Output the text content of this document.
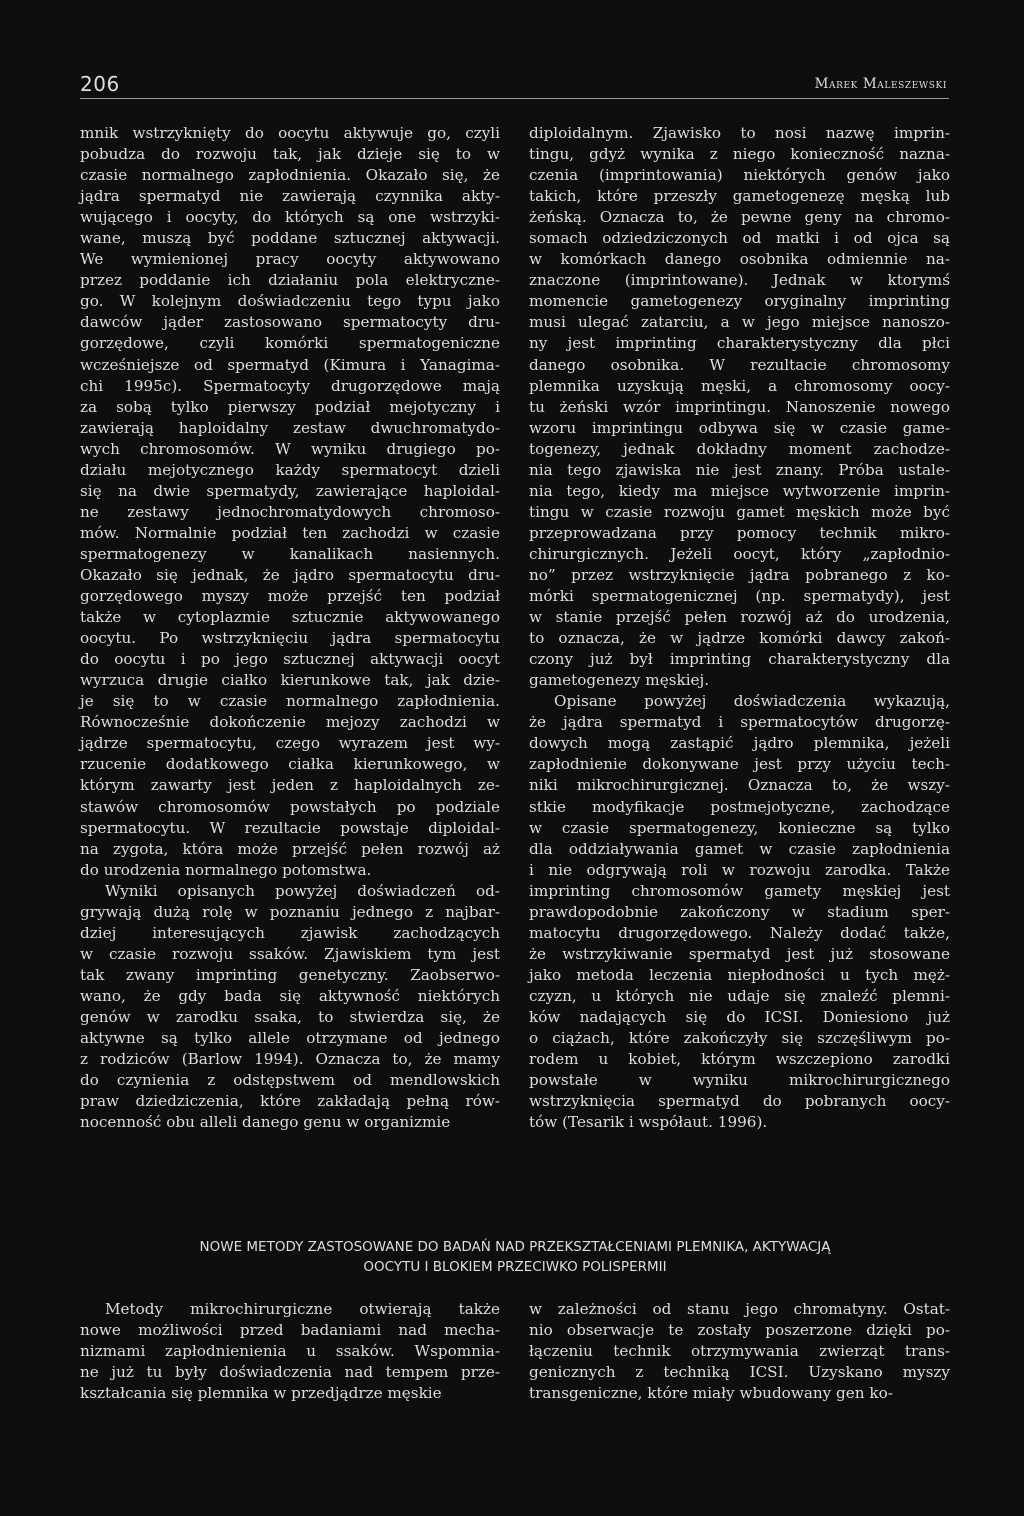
206	Marek Maleszewski

mnik wstrzyknięty do oocytu aktywuje go, czyli

pobudza do rozwoju tak, jak dzieje się to w

czasie normalnego zapłodnienia. Okazało się, że

jądra spermatyd nie zawierają czynnika akty-

wującego i oocyty, do których są one wstrzyki-

wane, muszą być poddane sztucznej aktywacji.

We wymienionej pracy oocyty aktywowano

przez poddanie ich działaniu pola elektryczne-

go. W kolejnym doświadczeniu tego typu jako

dawców jąder zastosowano spermatocyty dru-

gorzędowe, czyli komórki spermatogeniczne

wcześniejsze od spermatyd (Kimura i Yanagima-

chi 1995c). Spermatocyty drugorzędowe mają

za sobą tylko pierwszy podział mejotyczny i

zawierają haploidalny zestaw dwuchromatydo-

wych chromosomów. W wyniku drugiego po-

działu mejotycznego każdy spermatocyt dzieli

się na dwie spermatydy, zawierające haploidal-

ne zestawy jednochromatydowych chromoso-

mów. Normalnie podział ten zachodzi w czasie

spermatogenezy w kanalikach nasiennych.

Okazało się jednak, że jądro spermatocytu dru-

gorzędowego myszy może przejść ten podział

także w cytoplazmie sztucznie aktywowanego

oocytu. Po wstrzyknięciu jądra spermatocytu

do oocytu i po jego sztucznej aktywacji oocyt

wyrzuca drugie ciałko kierunkowe tak, jak dzie-

je się to w czasie normalnego zapłodnienia.

Równocześnie dokończenie mejozy zachodzi w

jądrze spermatocytu, czego wyrazem jest wy-

rzucenie dodatkowego ciałka kierunkowego, w

którym zawarty jest jeden z haploidalnych ze-

stawów chromosomów powstałych po podziale

spermatocytu. W rezultacie powstaje diploidal-

na zygota, która może przejść pełen rozwój aż

do urodzenia normalnego potomstwa.

Wyniki opisanych powyżej doświadczeń od-

grywają dużą rolę w poznaniu jednego z najbar-

dziej interesujących zjawisk zachodzących

w czasie rozwoju ssaków. Zjawiskiem tym jest

tak zwany imprinting genetyczny. Zaobserwo-

wano, że gdy bada się aktywność niektórych

genów w zarodku ssaka, to stwierdza się, że

aktywne są tylko allele otrzymane od jednego

z rodziców (Barlow 1994). Oznacza to, że mamy

do czynienia z odstępstwem od mendlowskich

praw dziedziczenia, które zakładają pełną rów-

nocenność obu alleli danego genu w organizmie

diploidalnym. Zjawisko to nosi nazwę imprin-

tingu, gdyż wynika z niego konieczność nazna-

czenia (imprintowania) niektórych genów jako

takich, które przeszły gametogenezę męską lub

żeńską. Oznacza to, że pewne geny na chromo-

somach odziedziczonych od matki i od ojca są

w komórkach danego osobnika odmiennie na-

znaczone (imprintowane). Jednak w ktorymś

momencie gametogenezy oryginalny imprinting

musi ulegać zatarciu, a w jego miejsce nanoszo-

ny jest imprinting charakterystyczny dla płci

danego osobnika. W rezultacie chromosomy

plemnika uzyskują męski, a chromosomy oocy-

tu żeński wzór imprintingu. Nanoszenie nowego

wzoru imprintingu odbywa się w czasie game-

togenezy, jednak dokładny moment zachodze-

nia tego zjawiska nie jest znany. Próba ustale-

nia tego, kiedy ma miejsce wytworzenie imprin-

tingu w czasie rozwoju gamet męskich może być

przeprowadzana przy pomocy technik mikro-

chirurgicznych. Jeżeli oocyt, który „zapłodnio-

no” przez wstrzyknięcie jądra pobranego z ko-

mórki spermatogenicznej (np. spermatydy), jest

w stanie przejść pełen rozwój aż do urodzenia,

to oznacza, że w jądrze komórki dawcy zakoń-

czony już był imprinting charakterystyczny dla

gametogenezy męskiej.

Opisane powyżej doświadczenia wykazują,

że jądra spermatyd i spermatocytów drugorzę-

dowych mogą zastąpić jądro plemnika, jeżeli

zapłodnienie dokonywane jest przy użyciu tech-

niki mikrochirurgicznej. Oznacza to, że wszy-

stkie modyfikacje postmejotyczne, zachodzące

w czasie spermatogenezy, konieczne są tylko

dla oddziaływania gamet w czasie zapłodnienia

i nie odgrywają roli w rozwoju zarodka. Także

imprinting chromosomów gamety męskiej jest

prawdopodobnie zakończony w stadium sper-

matocytu drugorzędowego. Należy dodać także,

że wstrzykiwanie spermatyd jest już stosowane

jako metoda leczenia niepłodności u tych męż-

czyzn, u których nie udaje się znaleźć plemni-

ków nadających się do ICSI. Doniesiono już

o ciążach, które zakończyły się szczęśliwym po-

rodem u kobiet, którym wszczepiono zarodki

powstałe w wyniku mikrochirurgicznego

wstrzyknięcia spermatyd do pobranych oocy-

tów (Tesarik i współaut. 1996).

NOWE METODY ZASTOSOWANE DO BADAŃ NAD PRZEKSZTAŁCENIAMI PLEMNIKA, AKTYWACJĄ
OOCYTU I BLOKIEM PRZECIWKO POLISPERMII

Metody mikrochirurgiczne otwierają także

nowe możliwości przed badaniami nad mecha-

nizmami zapłodnienienia u ssaków. Wspomnia-

ne już tu były doświadczenia nad tempem prze-

kształcania się plemnika w przedjądrze męskie

w zależności od stanu jego chromatyny. Ostat-

nio obserwacje te zostały poszerzone dzięki po-

łączeniu technik otrzymywania zwierząt trans-

genicznych z techniką ICSI. Uzyskano myszy

transgeniczne, które miały wbudowany gen ko-
